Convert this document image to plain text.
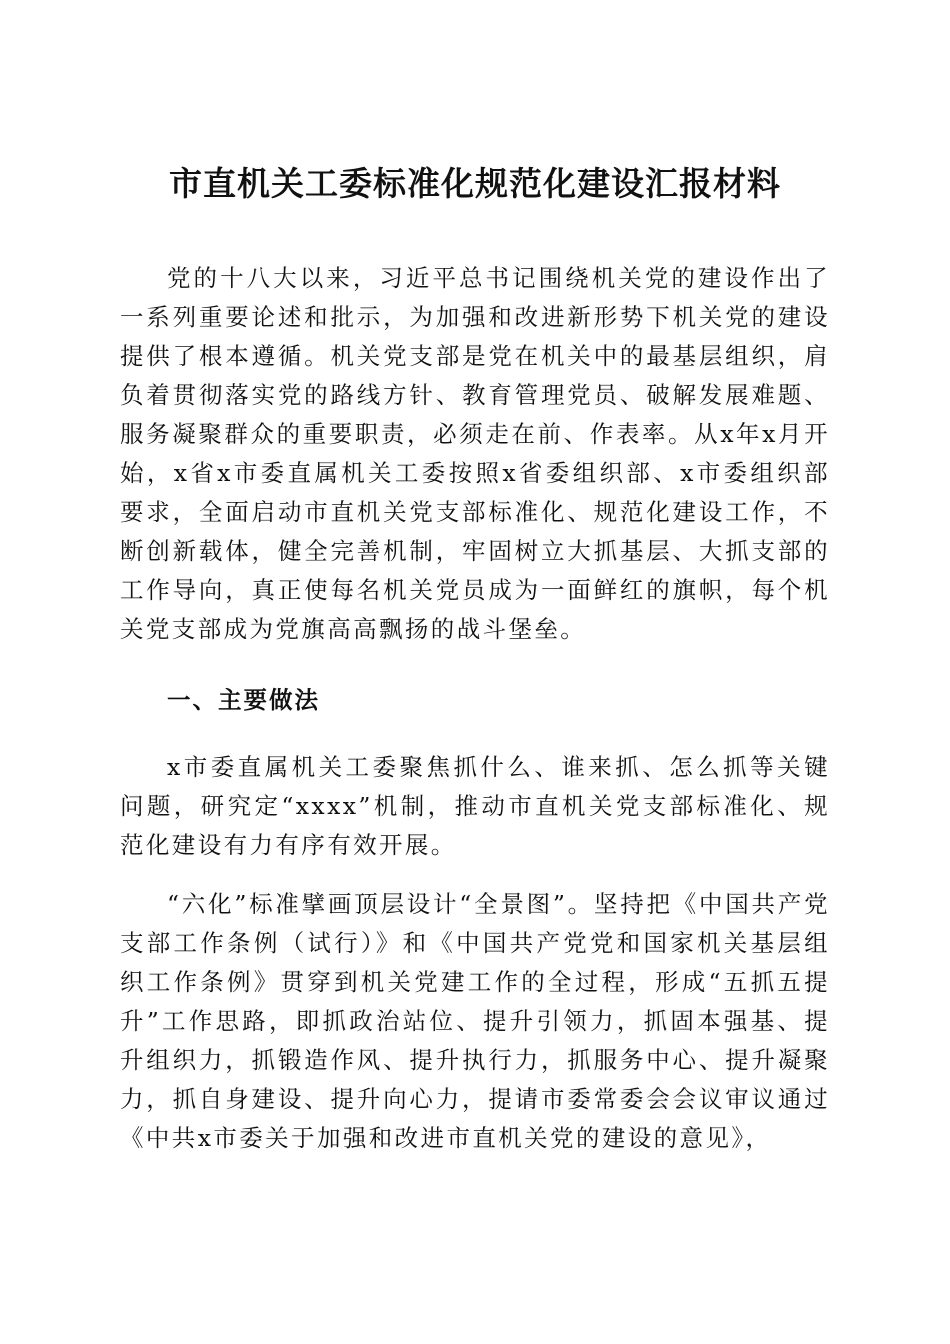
市直机关工委标准化规范化建设汇报材料

党的十八大以来，习近平总书记围绕机关党的建设作出了一系列重要论述和批示，为加强和改进新形势下机关党的建设提供了根本遵循。机关党支部是党在机关中的最基层组织，肩负着贯彻落实党的路线方针、教育管理党员、破解发展难题、服务凝聚群众的重要职责，必须走在前、作表率。从x年x月开始，x省x市委直属机关工委按照x省委组织部、x市委组织部要求，全面启动市直机关党支部标准化、规范化建设工作，不断创新载体，健全完善机制，牢固树立大抓基层、大抓支部的工作导向，真正使每名机关党员成为一面鲜红的旗帜，每个机关党支部成为党旗高高飘扬的战斗堡垒。

一、主要做法

x市委直属机关工委聚焦抓什么、谁来抓、怎么抓等关键问题，研究定“xxxx”机制，推动市直机关党支部标准化、规范化建设有力有序有效开展。

“六化”标准擘画顶层设计“全景图”。坚持把《中国共产党支部工作条例（试行）》和《中国共产党党和国家机关基层组织工作条例》贯穿到机关党建工作的全过程，形成“五抓五提升”工作思路，即抓政治站位、提升引领力，抓固本强基、提升组织力，抓锻造作风、提升执行力，抓服务中心、提升凝聚力，抓自身建设、提升向心力，提请市委常委会会议审议通过《中共x市委关于加强和改进市直机关党的建设的意见》，
